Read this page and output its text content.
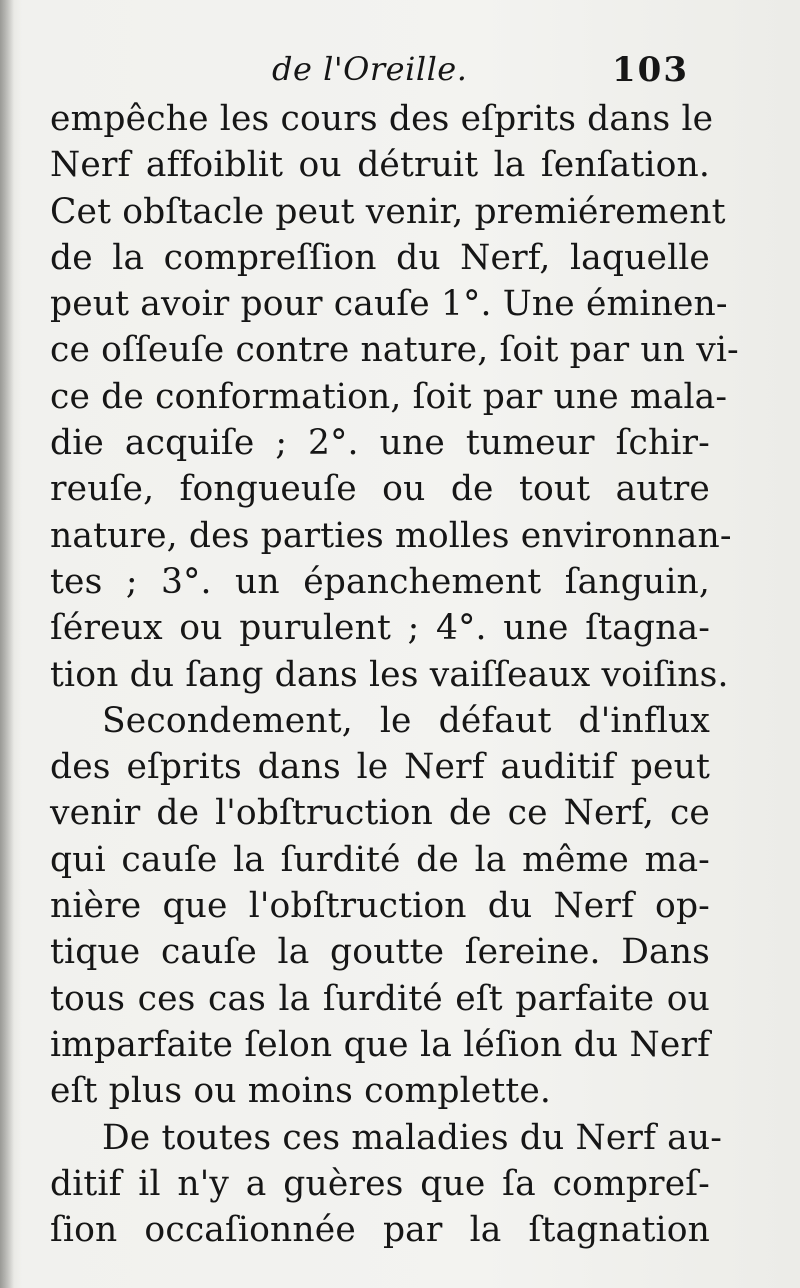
de l'Oreille.	103
empêche les cours des eſprits dans le
Nerf affoiblit ou détruit la ſenſation.
Cet obſtacle peut venir, premiérement
de la compreſſion du Nerf, laquelle
peut avoir pour cauſe 1°. Une éminen-
ce oſſeuſe contre nature, ſoit par un vi-
ce de conformation, ſoit par une mala-
die acquiſe ; 2°. une tumeur ſchir-
reuſe, fongueuſe ou de tout autre
nature, des parties molles environnan-
tes ; 3°. un épanchement ſanguin,
ſéreux ou purulent ; 4°. une ſtagna-
tion du ſang dans les vaiſſeaux voiſins.
Secondement, le défaut d'influx
des eſprits dans le Nerf auditif peut
venir de l'obſtruction de ce Nerf, ce
qui cauſe la ſurdité de la même ma-
nière que l'obſtruction du Nerf op-
tique cauſe la goutte ſereine. Dans
tous ces cas la ſurdité eſt parfaite ou
imparfaite ſelon que la léſion du Nerf
eſt plus ou moins complette.
De toutes ces maladies du Nerf au-
ditif il n'y a guères que ſa compreſ-
ſion occaſionnée par la ſtagnation
